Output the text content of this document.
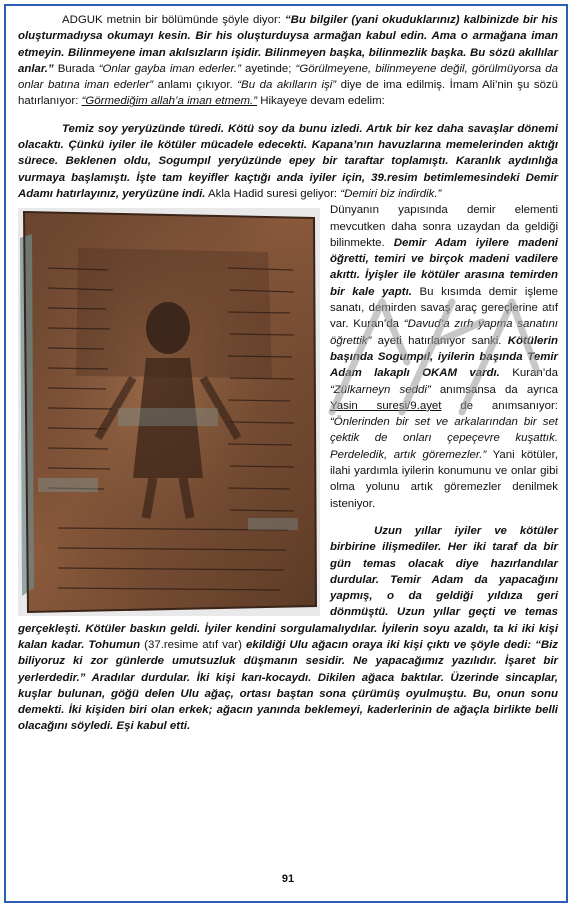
ADGUK metnin bir bölümünde şöyle diyor: “Bu bilgiler (yani okuduklarınız) kalbinizde bir his oluşturmadıysa okumayı kesin. Bir his oluşturduysa armağan kabul edin. Ama o armağana iman etmeyin. Bilinmeyene iman akılsızların işidir. Bilinmeyen başka, bilinmezlik başka. Bu sözü akıllılar anlar.” Burada “Onlar gayba iman ederler.” ayetinde; “Görülmeyene, bilinmeyene değil, görülmüyorsa da onlar batına iman ederler” anlamı çıkıyor. “Bu da akılların işi” diye de ima edilmiş. İmam Ali’nin şu sözü hatırlanıyor: “Görmediğim allah’a iman etmem.” Hikayeye devam edelim:

Temiz soy yeryüzünde türedi. Kötü soy da bunu izledi. Artık bir kez daha savaşlar dönemi olacaktı. Çünkü iyiler ile kötüler mücadele edecekti. Kapana’nın havuzlarına memelerinden aktığı sürece. Beklenen oldu, Sogumpıl yeryüzünde epey bir taraftar toplamıştı. Karanlık aydınlığa vurmaya başlamıştı. İşte tam keyifler kaçtığı anda iyiler için, 39.resim betimlemesindeki Demir Adamı hatırlayınız, yeryüzüne indi. Akla Hadid suresi geliyor: “Demiri biz indirdik.”

Dünyanın yapısında demir elementi mevcutken daha sonra uzaydan da geldiği bilinmekte. Demir Adam iyilere madeni öğretti, temiri ve birçok madeni vadilere akıttı. İyişler ile kötüler arasına temirden bir kale yaptı. Bu kısımda demir işleme sanatı, demirden savaş araç gereçlerine atıf var. Kuran’da “Davud’a zırh yapma sanatını öğrettik” ayeti hatırlanıyor sanki. Kötülerin başında Sogumpıl, iyilerin başında Temir Adam lakaplı OKAM vardı. Kuran’da “Zülkarneyn seddi” anımsansa da ayrıca Yasin suresi/9.ayet de anımsanıyor: “Önlerinden bir set ve arkalarından bir set çektik de onları çepeçevre kuşattık. Perdeledik, artık göremezler.” Yani kötüler, ilahi yardımla iyilerin konumunu ve onlar gibi olma yolunu artık göremezler denilmek isteniyor.

Uzun yıllar iyiler ve kötüler birbirine ilişmediler. Her iki taraf da bir gün temas olacak diye hazırlandılar durdular. Temir Adam da yapacağını yapmış, o da geldiği yıldıza geri dönmüştü. Uzun yıllar geçti ve temas gerçekleşti. Kötüler baskın geldi. İyiler kendini sorgulamalıydılar. İyilerin soyu azaldı, ta ki iki kişi kalan kadar. Tohumun (37.resime atıf var) ekildiği Ulu ağacın oraya iki kişi çıktı ve şöyle dedi: “Biz biliyoruz ki zor günlerde umutsuzluk düşmanın sesidir. Ne yapacağımız yazılıdır. İşaret bir yerlerdedir.” Aradılar durdular. İki kişi karı-kocaydı. Dikilen ağaca baktılar. Üzerinde sincaplar, kuşlar bulunan, göğü delen Ulu ağaç, ortası baştan sona çürümüş oyulmuştu. Bu, onun sonu demekti. İki kişiden biri olan erkek; ağacın yanında beklemeyi, kaderlerinin de ağaçla birlikte belli olacağını söyledi. Eşi kabul etti.

91
